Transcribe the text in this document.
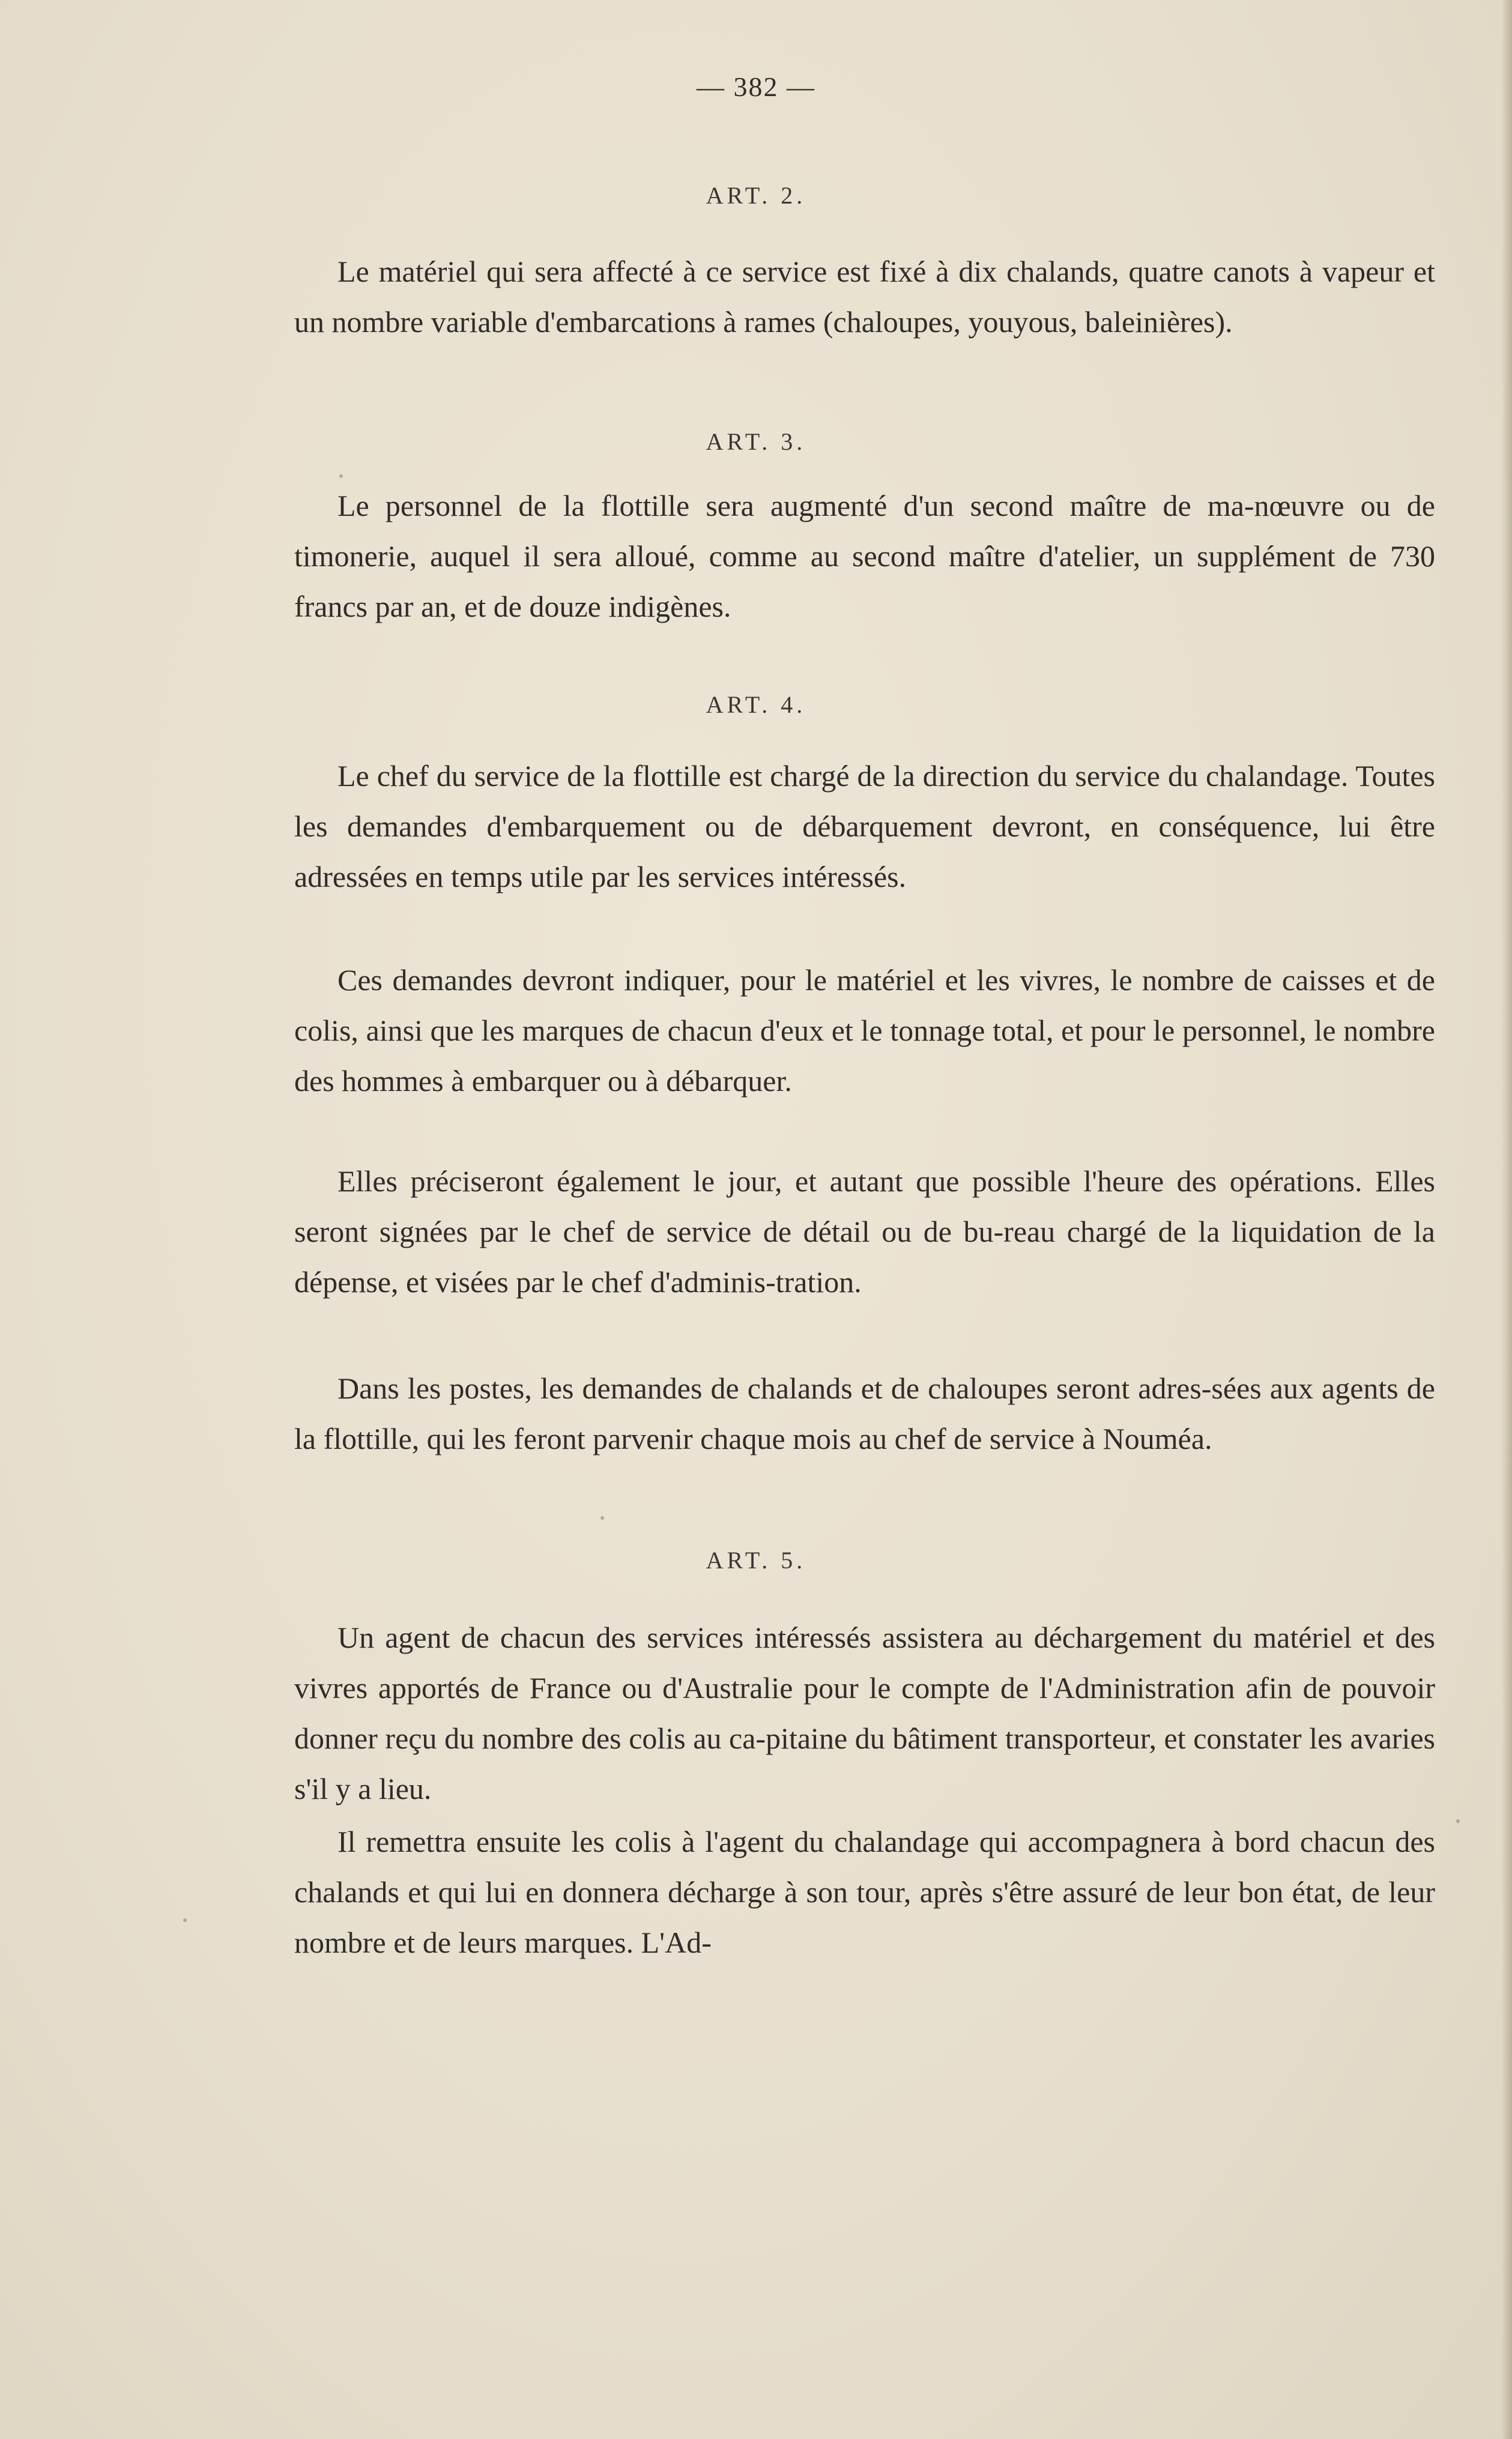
— 382 —
ART. 2.

Le matériel qui sera affecté à ce service est fixé à dix chalands, quatre canots à vapeur et un nombre variable d'embarcations à rames (chaloupes, youyous, baleinières).

ART. 3.

Le personnel de la flottille sera augmenté d'un second maître de ma-nœuvre ou de timonerie, auquel il sera alloué, comme au second maître d'atelier, un supplément de 730 francs par an, et de douze indigènes.

ART. 4.

Le chef du service de la flottille est chargé de la direction du service du chalandage. Toutes les demandes d'embarquement ou de débarquement devront, en conséquence, lui être adressées en temps utile par les services intéressés.

Ces demandes devront indiquer, pour le matériel et les vivres, le nombre de caisses et de colis, ainsi que les marques de chacun d'eux et le tonnage total, et pour le personnel, le nombre des hommes à embarquer ou à débarquer.

Elles préciseront également le jour, et autant que possible l'heure des opérations. Elles seront signées par le chef de service de détail ou de bu-reau chargé de la liquidation de la dépense, et visées par le chef d'adminis-tration.

Dans les postes, les demandes de chalands et de chaloupes seront adres-sées aux agents de la flottille, qui les feront parvenir chaque mois au chef de service à Nouméa.

ART. 5.

Un agent de chacun des services intéressés assistera au déchargement du matériel et des vivres apportés de France ou d'Australie pour le compte de l'Administration afin de pouvoir donner reçu du nombre des colis au ca-pitaine du bâtiment transporteur, et constater les avaries s'il y a lieu.

Il remettra ensuite les colis à l'agent du chalandage qui accompagnera à bord chacun des chalands et qui lui en donnera décharge à son tour, après s'être assuré de leur bon état, de leur nombre et de leurs marques. L'Ad-
